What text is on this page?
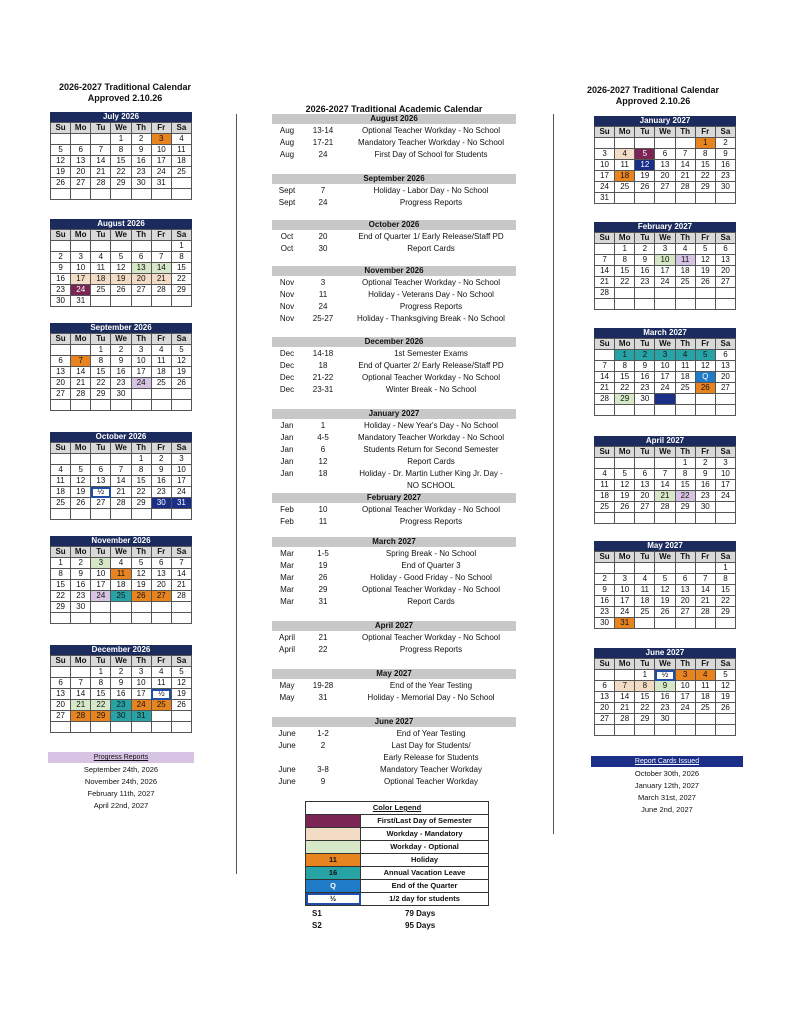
2026-2027 Traditional Calendar
Approved 2.10.26
2026-2027 Traditional Calendar
Approved 2.10.26
2026-2027 Traditional Academic Calendar
July 2026
Su	Mo	Tu	We	Th	Fr	Sa
			1	2	3	4
5	6	7	8	9	10	11
12	13	14	15	16	17	18
19	20	21	22	23	24	25
26	27	28	29	30	31	

August 2026
Su	Mo	Tu	We	Th	Fr	Sa
						1
2	3	4	5	6	7	8
9	10	11	12	13	14	15
16	17	18	19	20	21	22
23	24	25	26	27	28	29
30	31					
September 2026
Su	Mo	Tu	We	Th	Fr	Sa
		1	2	3	4	5
6	7	8	9	10	11	12
13	14	15	16	17	18	19
20	21	22	23	24	25	26
27	28	29	30			

October 2026
Su	Mo	Tu	We	Th	Fr	Sa
				1	2	3
4	5	6	7	8	9	10
11	12	13	14	15	16	17
18	19	½	21	22	23	24
25	26	27	28	29	30	31

November 2026
Su	Mo	Tu	We	Th	Fr	Sa
1	2	3	4	5	6	7
8	9	10	11	12	13	14
15	16	17	18	19	20	21
22	23	24	25	26	27	28
29	30					

December 2026
Su	Mo	Tu	We	Th	Fr	Sa
		1	2	3	4	5
6	7	8	9	10	11	12
13	14	15	16	17	½	19
20	21	22	23	24	25	26
27	28	29	30	31		

January 2027
Su	Mo	Tu	We	Th	Fr	Sa
					1	2
3	4	5	6	7	8	9
10	11	12	13	14	15	16
17	18	19	20	21	22	23
24	25	26	27	28	29	30
31						
February 2027
Su	Mo	Tu	We	Th	Fr	Sa
	1	2	3	4	5	6
7	8	9	10	11	12	13
14	15	16	17	18	19	20
21	22	23	24	25	26	27
28						

March 2027
Su	Mo	Tu	We	Th	Fr	Sa
	1	2	3	4	5	6
7	8	9	10	11	12	13
14	15	16	17	18	Q	20
21	22	23	24	25	26	27
28	29	30				

April 2027
Su	Mo	Tu	We	Th	Fr	Sa
				1	2	3
4	5	6	7	8	9	10
11	12	13	14	15	16	17
18	19	20	21	22	23	24
25	26	27	28	29	30	

May 2027
Su	Mo	Tu	We	Th	Fr	Sa
						1
2	3	4	5	6	7	8
9	10	11	12	13	14	15
16	17	18	19	20	21	22
23	24	25	26	27	28	29
30	31					
June 2027
Su	Mo	Tu	We	Th	Fr	Sa
		1	½	3	4	5
6	7	8	9	10	11	12
13	14	15	16	17	18	19
20	21	22	23	24	25	26
27	28	29	30			

August 2026
Aug	13-14	Optional Teacher Workday - No School
Aug	17-21	Mandatory Teacher Workday - No School
Aug	24	First Day of School for Students
September 2026
Sept	7	Holiday - Labor Day - No School
Sept	24	Progress Reports
October 2026
Oct	20	End of Quarter 1/ Early Release/Staff PD
Oct	30	Report Cards
November 2026
Nov	3	Optional Teacher Workday - No School
Nov	11	Holiday - Veterans Day - No School
Nov	24	Progress Reports
Nov	25-27	Holiday - Thanksgiving Break - No School
December 2026
Dec	14-18	1st Semester Exams
Dec	18	End of Quarter 2/ Early Release/Staff PD
Dec	21-22	Optional Teacher Workday - No School
Dec	23-31	Winter Break - No School
January 2027
Jan	1	Holiday - New Year's Day - No School
Jan	4-5	Mandatory Teacher Workday - No School
Jan	6	Students Return for Second Semester
Jan	12	Report Cards
Jan	18	Holiday - Dr. Martin Luther King Jr. Day -
NO SCHOOL
February 2027
Feb	10	Optional Teacher Workday - No School
Feb	11	Progress Reports
March 2027
Mar	1-5	Spring Break - No School
Mar	19	End of Quarter 3
Mar	26	Holiday - Good Friday - No School
Mar	29	Optional Teacher Workday - No School
Mar	31	Report Cards
April 2027
April	21	Optional Teacher Workday - No School
April	22	Progress Reports
May 2027
May	19-28	End of the Year Testing
May	31	Holiday - Memorial Day - No School
June 2027
June	1-2	End of Year Testing
June	2	Last Day for Students/
Early Release for Students
June	3-8	Mandatory Teacher Workday
June	9	Optional Teacher Workday
Progress Reports
September 24th, 2026
November 24th, 2026
February 11th, 2027
April 22nd, 2027
Report Cards Issued
October 30th, 2026
January 12th, 2027
March 31st, 2027
June 2nd, 2027
Color Legend
First/Last Day of Semester
Workday - Mandatory
Workday - Optional
11	Holiday
16	Annual Vacation Leave
Q	End of the Quarter
½	1/2 day for students
S1	79 Days
S2	95 Days
